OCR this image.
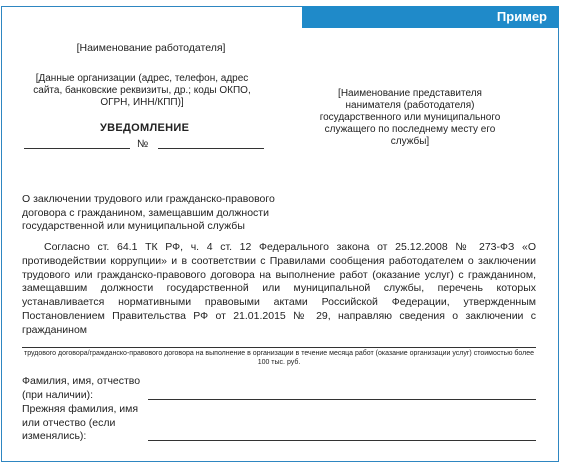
Пример
[Наименование работодателя]
[Данные организации (адрес, телефон, адрес сайта, банковские реквизиты, др.; коды ОКПО, ОГРН, ИНН/КПП)]
[Наименование представителя нанимателя (работодателя) государственного или муниципального служащего по последнему месту его службы]
УВЕДОМЛЕНИЕ
№
О заключении трудового или гражданско-правового договора с гражданином, замещавшим должности государственной или муниципальной службы
Согласно ст. 64.1 ТК РФ, ч. 4 ст. 12 Федерального закона от 25.12.2008 № 273-ФЗ «О противодействии коррупции» и в соответствии с Правилами сообщения работодателем о заключении трудового или гражданско-правового договора на выполнение работ (оказание услуг) с гражданином, замещавшим должности государственной или муниципальной службы, перечень которых устанавливается нормативными правовыми актами Российской Федерации, утвержденным Постановлением Правительства РФ от 21.01.2015 № 29, направляю сведения о заключении с гражданином
трудового договора/гражданско-правового договора на выполнение в организации в течение месяца работ (оказание организации услуг) стоимостью более 100 тыс. руб.
Фамилия, имя, отчество (при наличии):
Прежняя фамилия, имя или отчество (если изменялись):
